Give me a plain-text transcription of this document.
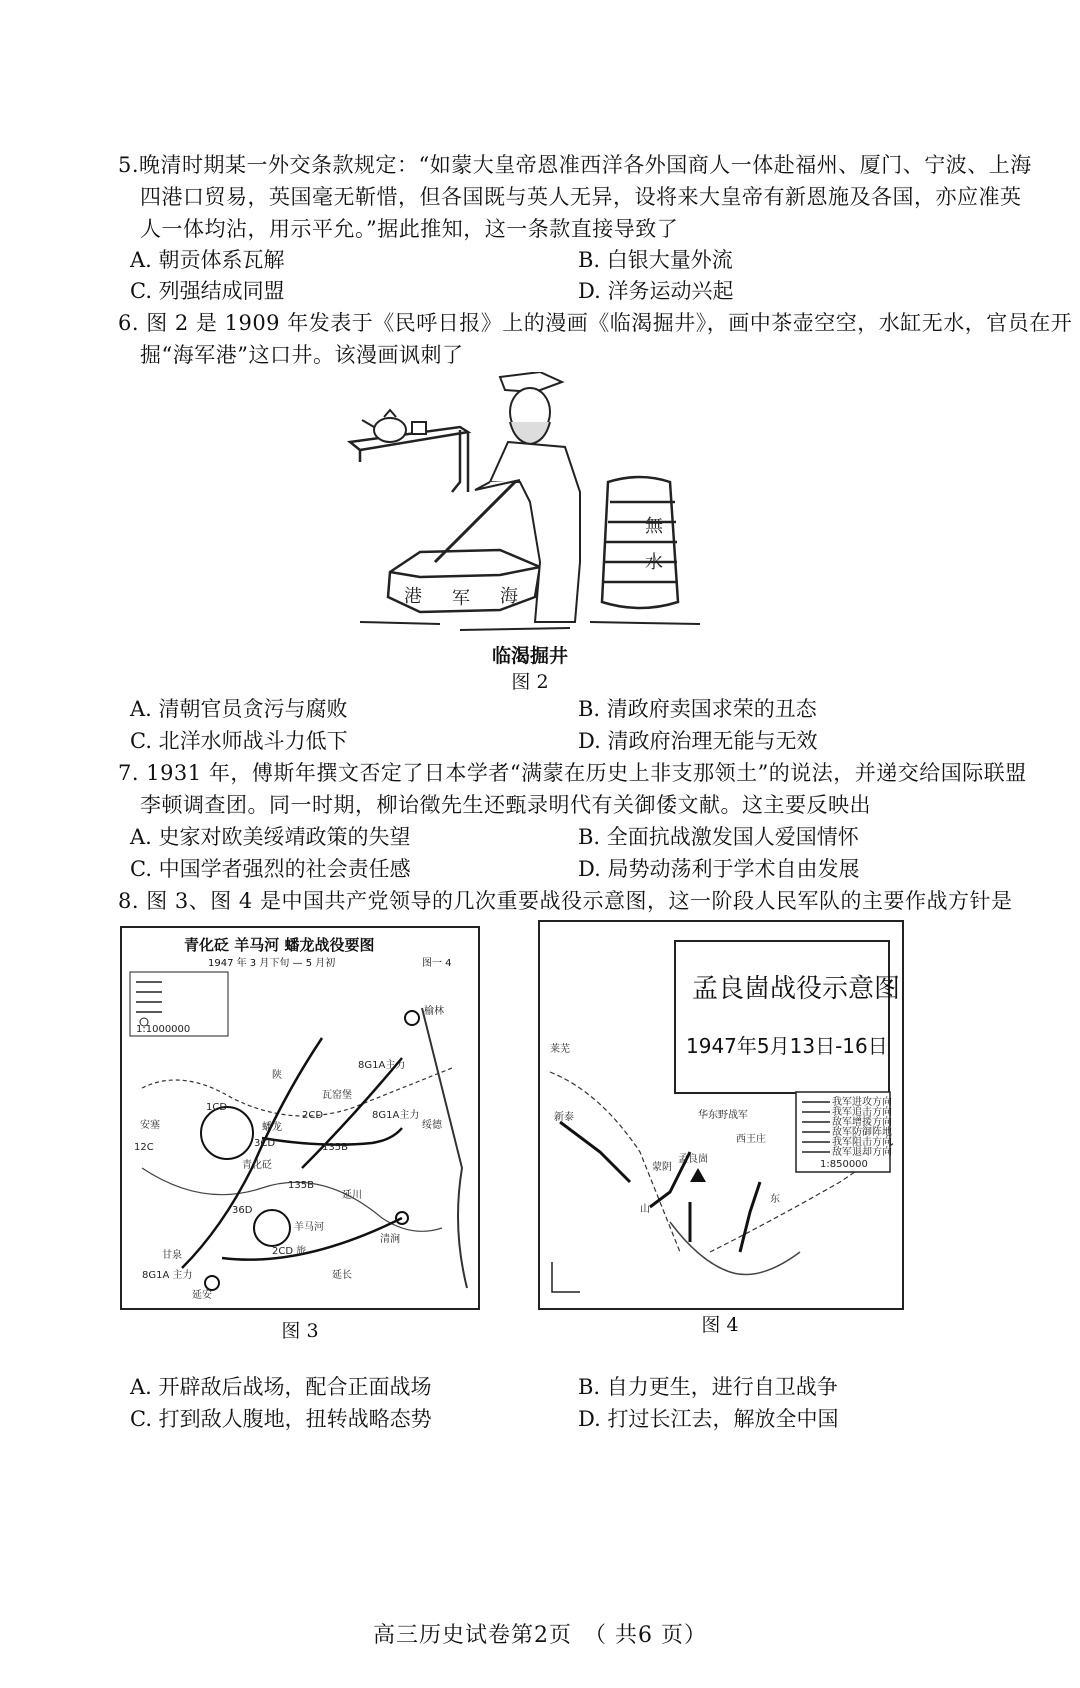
5.晚清时期某一外交条款规定：“如蒙大皇帝恩准西洋各外国商人一体赴福州、厦门、宁波、上海
四港口贸易，英国毫无靳惜，但各国既与英人无异，设将来大皇帝有新恩施及各国，亦应准英
人一体均沾，用示平允。”据此推知，这一条款直接导致了
A. 朝贡体系瓦解	B. 白银大量外流
C. 列强结成同盟	D. 洋务运动兴起
6. 图 2 是 1909 年发表于《民呼日报》上的漫画《临渴掘井》，画中茶壶空空，水缸无水，官员在开
掘“海军港”这口井。该漫画讽刺了
港 军 海
無
水
临渴掘井
图 2
A. 清朝官员贪污与腐败	B. 清政府卖国求荣的丑态
C. 北洋水师战斗力低下	D. 清政府治理无能与无效
7. 1931 年，傅斯年撰文否定了日本学者“满蒙在历史上非支那领土”的说法，并递交给国际联盟
李顿调查团。同一时期，柳诒徵先生还甄录明代有关御倭文献。这主要反映出
A. 史家对欧美绥靖政策的失望	B. 全面抗战激发国人爱国情怀
C. 中国学者强烈的社会责任感	D. 局势动荡利于学术自由发展
8. 图 3、图 4 是中国共产党领导的几次重要战役示意图，这一阶段人民军队的主要作战方针是
青化砭 羊马河 蟠龙战役要图
1947 年 3 月下旬 — 5 月初	图一 4
1:1000000
陕
蟠龙
延安
青化砭
羊马河
榆林
绥德
清涧
延长
甘泉
安塞
瓦窑堡
延川
1CD
2CD
3CD
135B
12C
36D
8G1A主力
8G1A主力
135B
2CD 旅
8G1A 主力
图 3
孟良崮战役示意图
1947年5月13日-16日
我军进攻方向
我军追击方向
敌军增援方向
敌军防御阵地
我军阻击方向
敌军退却方向
1:850000
莱芜
华东野战军
西王庄
新泰
蒙阴
孟良崮
山
东
图 4
A. 开辟敌后战场，配合正面战场	B. 自力更生，进行自卫战争
C. 打到敌人腹地，扭转战略态势	D. 打过长江去，解放全中国
高三历史试卷第2页　（ 共6 页）
